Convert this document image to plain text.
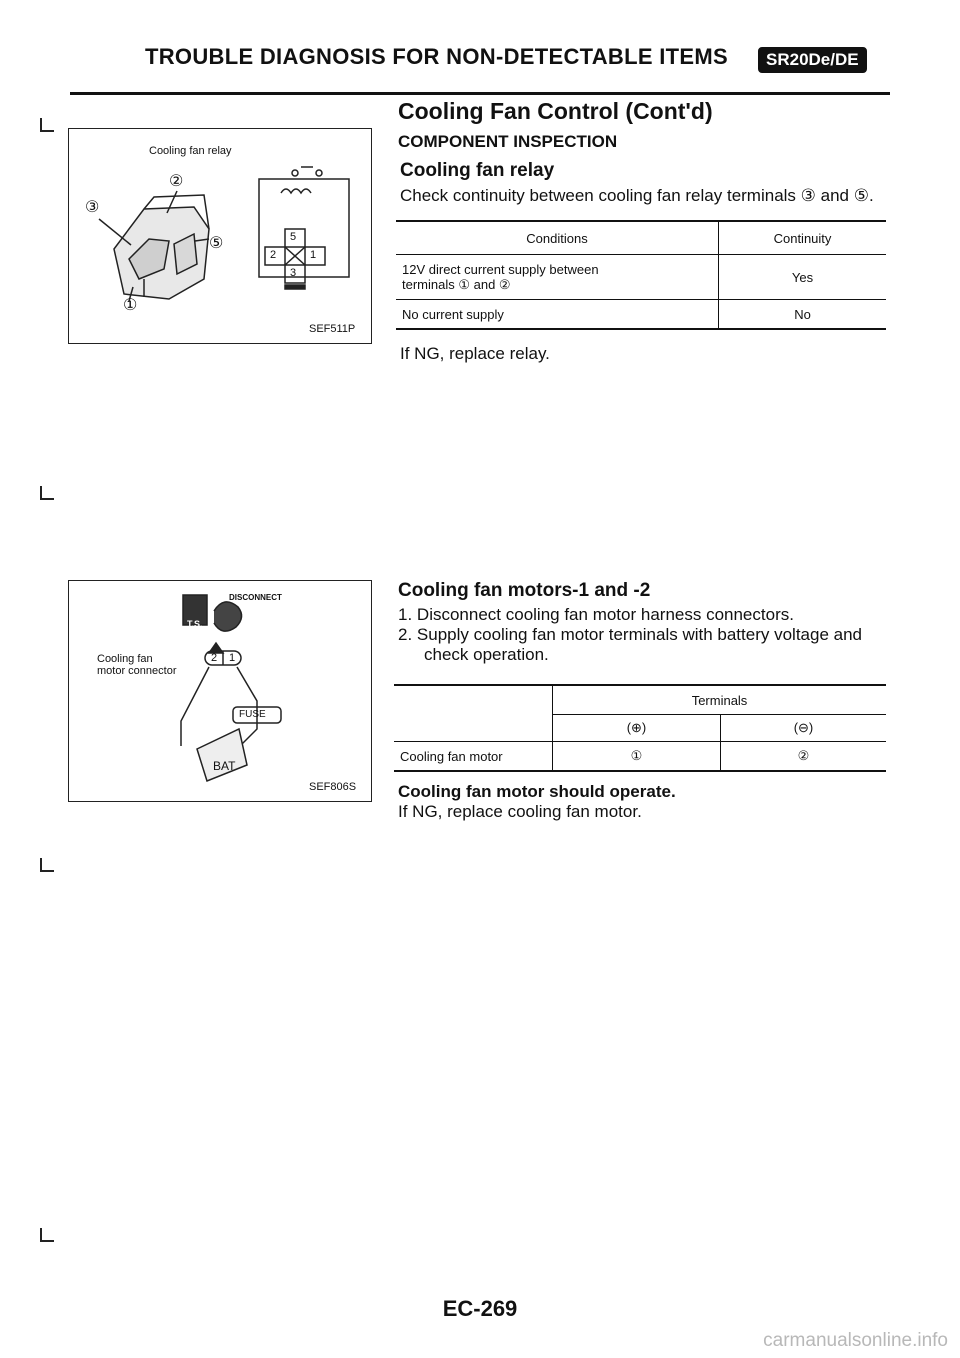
TROUBLE DIAGNOSIS FOR NON-DETECTABLE ITEMS	SR20De/DE
Cooling Fan Control (Cont'd)
COMPONENT INSPECTION
Cooling fan relay
②
③
⑤
①
5
2	1
3
SEF511P
Cooling fan relay
Check continuity between cooling fan relay terminals ③ and ⑤.
Conditions	Continuity

12V direct current supply between
terminals ① and ②	Yes
No current supply	No
If NG, replace relay.
DISCONNECT
T.S.
Cooling fan
motor connector
2 1
FUSE
BAT
SEF806S
Cooling fan motors-1 and -2
1. Disconnect cooling fan motor harness connectors.
2. Supply cooling fan motor terminals with battery voltage and
check operation.
	Terminals	
	(⊕)	(⊖)
Cooling fan motor	①	②
Cooling fan motor should operate.
If NG, replace cooling fan motor.
EC-269
carmanualsonline.info
